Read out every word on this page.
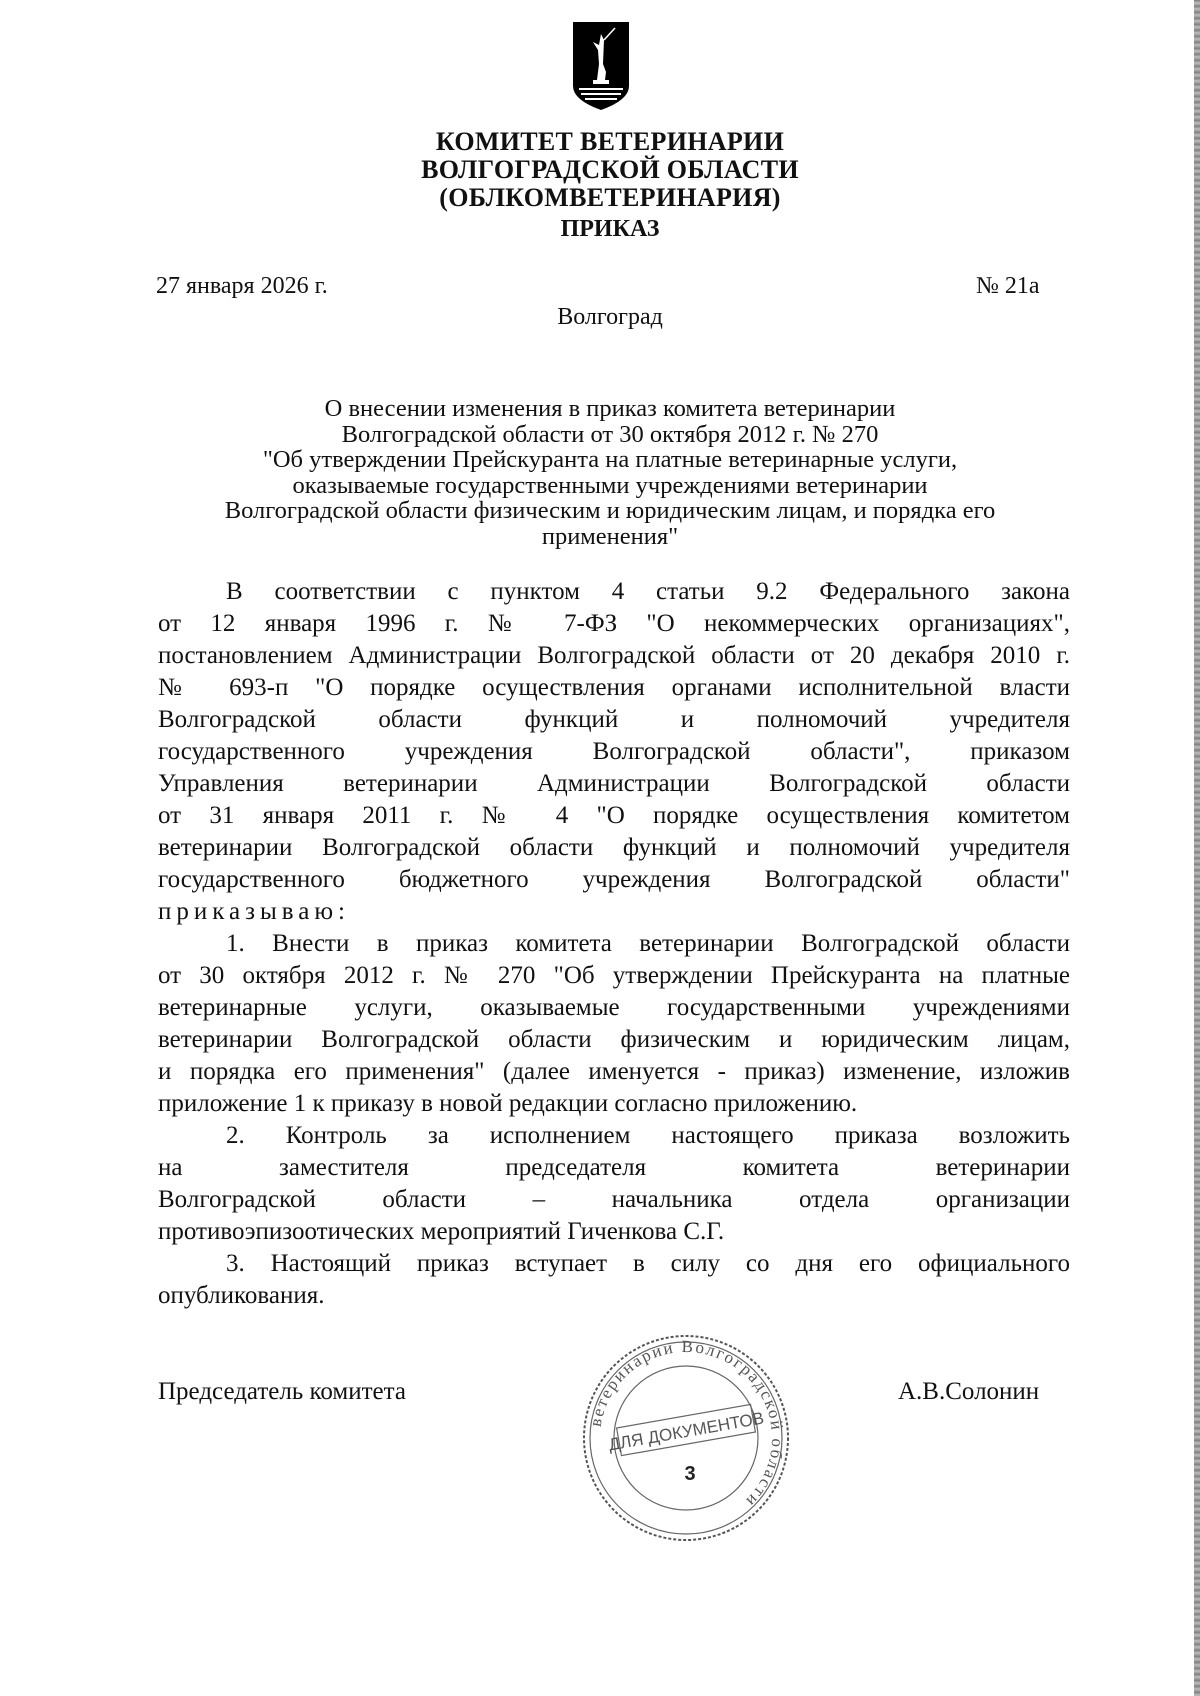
КОМИТЕТ ВЕТЕРИНАРИИ
ВОЛГОГРАДСКОЙ ОБЛАСТИ
(ОБЛКОМВЕТЕРИНАРИЯ)
ПРИКАЗ
27 января 2026 г.	№ 21а
Волгоград
О внесении изменения в приказ комитета ветеринарии
Волгоградской области от 30 октября 2012 г. № 270
"Об утверждении Прейскуранта на платные ветеринарные услуги,
оказываемые государственными учреждениями ветеринарии
Волгоградской области физическим и юридическим лицам, и порядка его
применения"
В соответствии с пунктом 4 статьи 9.2 Федерального закона
от 12 января 1996 г. № 7-ФЗ "О некоммерческих организациях",
постановлением Администрации Волгоградской области от 20 декабря 2010 г.
№ 693-п "О порядке осуществления органами исполнительной власти
Волгоградской области функций и полномочий учредителя
государственного учреждения Волгоградской области", приказом
Управления ветеринарии Администрации Волгоградской области
от 31 января 2011 г. № 4 "О порядке осуществления комитетом
ветеринарии Волгоградской области функций и полномочий учредителя
государственного бюджетного учреждения Волгоградской области"
приказываю:
1. Внести в приказ комитета ветеринарии Волгоградской области
от 30 октября 2012 г. № 270 "Об утверждении Прейскуранта на платные
ветеринарные услуги, оказываемые государственными учреждениями
ветеринарии Волгоградской области физическим и юридическим лицам,
и порядка его применения" (далее именуется - приказ) изменение, изложив
приложение 1 к приказу в новой редакции согласно приложению.
2. Контроль за исполнением настоящего приказа возложить
на заместителя председателя комитета ветеринарии
Волгоградской области – начальника отдела организации
противоэпизоотических мероприятий Гиченкова С.Г.
3. Настоящий приказ вступает в силу со дня его официального
опубликования.
Председатель комитета	А.В.Солонин
ветеринарии Волгоградской области
ДЛЯ ДОКУМЕНТОВ
3
